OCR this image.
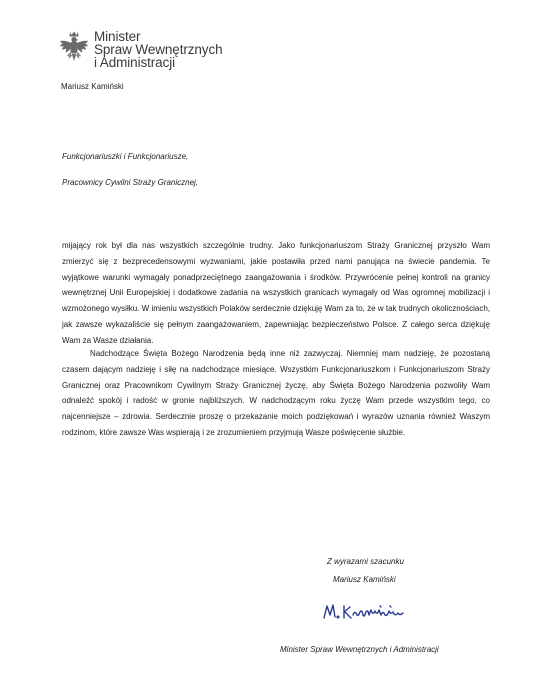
Minister
Spraw Wewnętrznych
i Administracji
Mariusz Kamiński
Funkcjonariuszki i Funkcjonariusze,
Pracownicy Cywilni Straży Granicznej,

mijający rok był dla nas wszystkich szczególnie trudny. Jako funkcjonariuszom Straży Granicznej przyszło Wam zmierzyć się z bezprecedensowymi wyzwaniami, jakie postawiła przed nami panująca na świecie pandemia. Te wyjątkowe warunki wymagały ponadprzeciętnego zaangażowania i środków. Przywrócenie pełnej kontroli na granicy wewnętrznej Unii Europejskiej i dodatkowe zadania na wszystkich granicach wymagały od Was ogromnej mobilizacji i wzmożonego wysiłku. W imieniu wszystkich Polaków serdecznie dziękuję Wam za to, że w tak trudnych okolicznościach, jak zawsze wykazaliście się pełnym zaangażowaniem, zapewniając bezpieczeństwo Polsce. Z całego serca dziękuję Wam za Wasze działania.

Nadchodzące Święta Bożego Narodzenia będą inne niż zazwyczaj. Niemniej mam nadzieję, że pozostaną czasem dającym nadzieję i siłę na nadchodzące miesiące. Wszystkim Funkcjonariuszkom i Funkcjonariuszom Straży Granicznej oraz Pracownikom Cywilnym Straży Granicznej życzę, aby Święta Bożego Narodzenia pozwoliły Wam odnaleźć spokój i radość w gronie najbliższych. W nadchodzącym roku życzę Wam przede wszystkim tego, co najcenniejsze – zdrowia. Serdecznie proszę o przekazanie moich podziękowań i wyrazów uznania również Waszym rodzinom, które zawsze Was wspierają i ze zrozumieniem przyjmują Wasze poświęcenie służbie.

Z wyrazami szacunku
Mariusz Kamiński
Minister Spraw Wewnętrznych i Administracji
